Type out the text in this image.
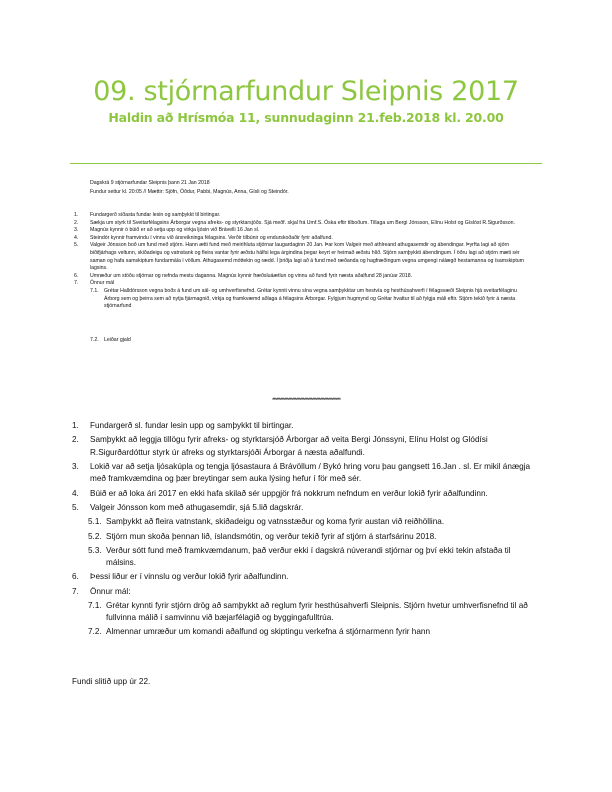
09. stjórnarfundur Sleipnis 2017
Haldin að Hrísmóa 11, sunnudaginn 21.feb.2018 kl. 20.00
Dagskrá 9 stjórnarfundar Sleipnis þann 21 Jan 2018
Fundur settur kl. 20:05 // Mættir: Sjöfn, Óðdur, Pabbi, Magnús, Anna, Gísli og Steindór.
1. Fundargerð síðasta fundar lesin og samþykkt til birtingar.
2. Sækja um styrk til Sveitarfélagsins Árborgar vegna afreks- og styrktarsjóðs. Sjá meðf. skjal frá Umf.S. Óska eftir tilboðum. Tillaga um Bergi Jónsson, Elínu Holst og Gíslóst R.Sigurðsson.
3. Magnús kynnir ó búið er að setja upp og virkja ljósin við Brávelli 16 Jan sl.
4. Steindór kynnir framvindu í vinnu við ársreikninga félagsins. Verðir tilbúnir og endurskoðaðir fyrir aðalfund.
5. Valgeir Jónsson boð um fund með stjórn. Hann ætti fund með meirihluta stjórnar laugardaginn 20 Jan. Þar kom Valgeir með athlreand athugasemdir og ábendingar. Þyrfta lagi að sjórn biðifjárhags veltunn, skiðadeigu og vatnstank og fleira vantar fyrir æðstu hálfsi lega árgindina þegar keyrt er heimað æðstu hlíð. Stjórn samþykkti ábendingum. Í öðru lagi að stjórn mæti sér saman og hafa samskiptum fundarmála í völlum. Athugasemd móttekin og rædd. Í þriðja lagi að á fund með ræðanda og hagfræðingum vegna umgengi nálægð hestamanna og ísamskiptum lagsins.
6. Umræður um stöðu stjórnar og nefnda mestu daganna. Magnús kynnir fræðsluáætlun og vinnu að fundi fyrir næsta aðalfund 28 janúar 2018.
7. Önnur mál
7.1. Grétar Halldórsson vegna boðs á fund um sál- og umhverfisnefnd. Grétar kynnti vinnu sína vegna samþykktar um hestvía og hesthúsahverfi í félagsvæði Sleipnis hjá sveitarfélaginu Árborg sem og þeirra sem að nytja fjármagnið, virkja og framkvæmd aðlaga á félagsins Árborgar. Fylgjum hugmynd og Grétar hvattur til að fylgja máli eftir. Stjórn tekið fyrir á næsta stjórnarfund
7.2. Leiðar gjald
***************************************************
1. Fundargerð sl. fundar lesin upp og samþykkt til birtingar.
2. Samþykkt að leggja tillögu fyrir afreks- og styrktarsjóð Árborgar að veita Bergi Jónssyni, Elínu Holst og Glódísi R.Sigurðardóttur styrk úr afreks og styrktarsjóði Árborgar á næsta aðalfundi.
3. Lokið var að setja ljósakúpla og tengja ljósastaura á Brávöllum / Bykó hring voru þau gangsett 16.Jan . sl. Er mikil ánægja með framkvæmdina og þær breytingar sem auka lýsing hefur í för með sér.
4. Búið er að loka ári 2017 en ekki hafa skilað sér uppgjör frá nokkrum nefndum en verður lokið fyrir aðalfundinn.
5. Valgeir Jónsson kom með athugasemdir, sjá 5.lið dagskrár.
5.1. Samþykkt að fleira vatnstank, skiðadeigu og vatnsstæður og koma fyrir austan við reiðhöllina.
5.2. Stjórn mun skoða þennan lið, íslandsmótin, og verður tekið fyrir af stjórn á starfsárinu 2018.
5.3. Verður sótt fund með framkvæmdanum, það verður ekki í dagskrá núverandi stjórnar og því ekki tekin afstaða til málsins.
6. Þessi liður er í vinnslu og verður lokið fyrir aðalfundinn.
7. Önnur mál:
7.1. Grétar kynnti fyrir stjórn drög að samþykkt að reglum fyrir hesthúsahverfi Sleipnis. Stjórn hvetur umhverfisnefnd til að fullvinna málið í samvinnu við bæjarfélagið og byggingafulltrúa.
7.2. Almennar umræður um komandi aðalfund og skiptingu verkefna á stjórnarmenn fyrir hann
Fundi slitið upp úr 22.
